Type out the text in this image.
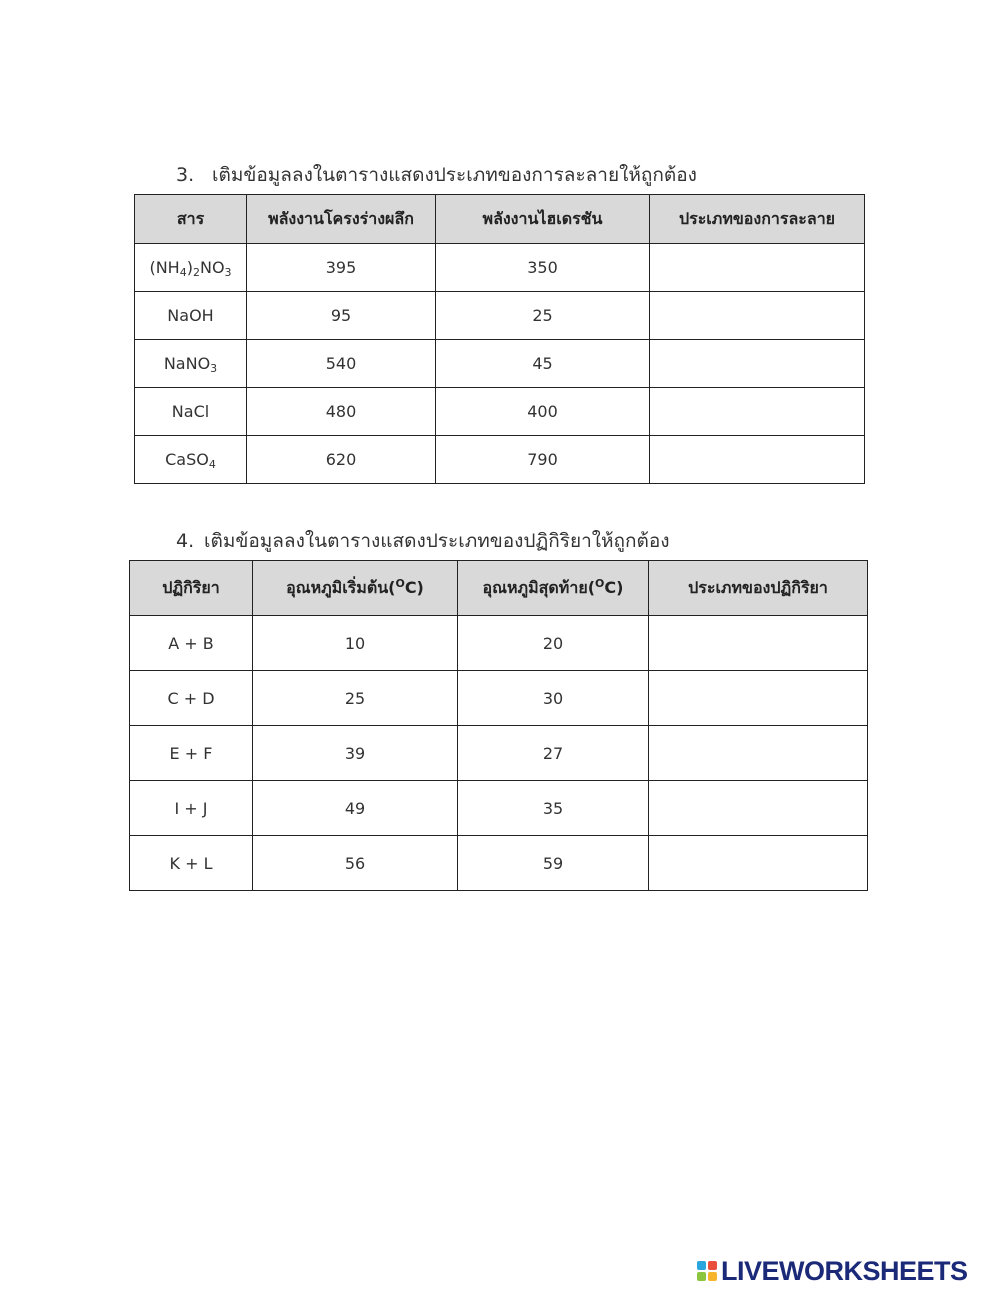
3. เติมข้อมูลลงในตารางแสดงประเภทของการละลายให้ถูกต้อง
สาร	พลังงานโครงร่างผลึก	พลังงานไฮเดรชัน	ประเภทของการละลาย
$(NH_4)_2NO_3$	395	350	
NaOH	95	25	
NaNO$_3$	540	45	
NaCl	480	400	
CaSO$_4$	620	790	
4. เติมข้อมูลลงในตารางแสดงประเภทของปฏิกิริยาให้ถูกต้อง
ปฏิกิริยา	อุณหภูมิเริ่มต้น($^O$C)	อุณหภูมิสุดท้าย($^O$C)	ประเภทของปฏิกิริยา
A + B	10	20	
C + D	25	30	
E + F	39	27	
I + J	49	35	
K + L	56	59	
LIVEWORKSHEETS
